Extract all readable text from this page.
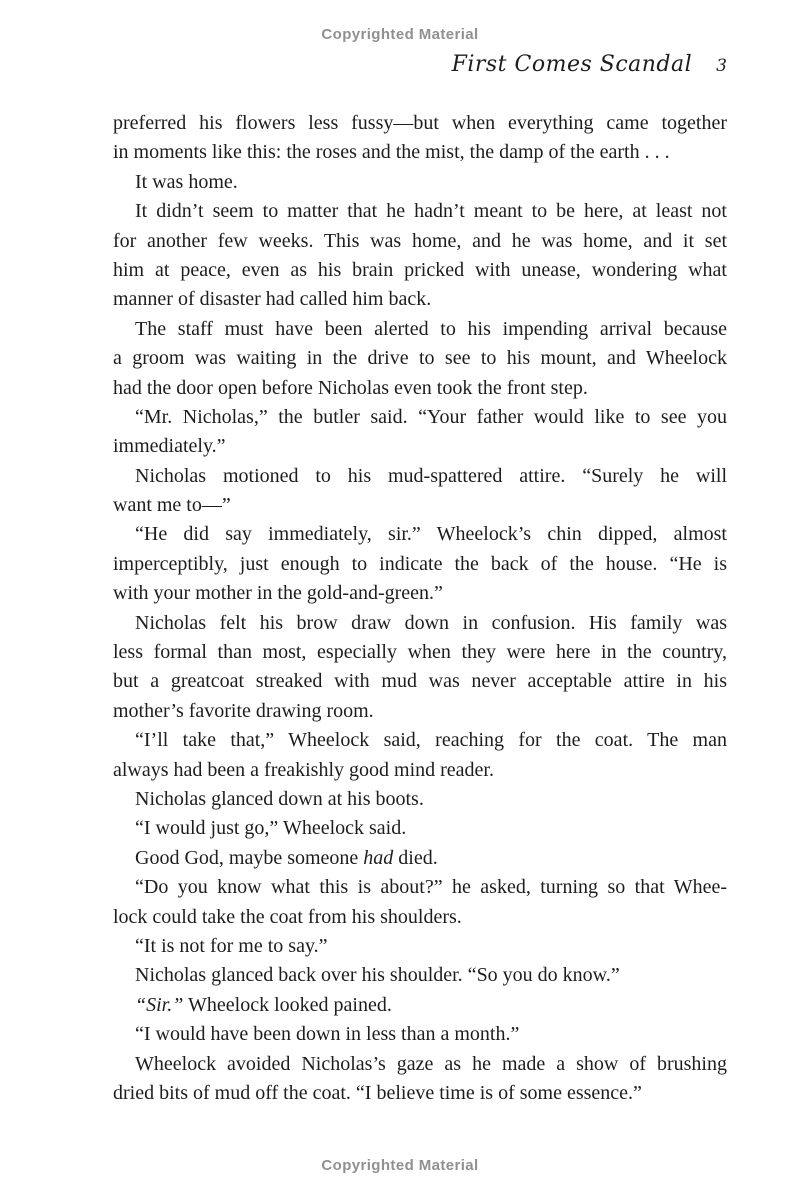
Copyrighted Material
First Comes Scandal 3
preferred his flowers less fussy—but when everything came together
in moments like this: the roses and the mist, the damp of the earth . . .
It was home.
It didn’t seem to matter that he hadn’t meant to be here, at least not
for another few weeks. This was home, and he was home, and it set
him at peace, even as his brain pricked with unease, wondering what
manner of disaster had called him back.
The staff must have been alerted to his impending arrival because
a groom was waiting in the drive to see to his mount, and Wheelock
had the door open before Nicholas even took the front step.
“Mr. Nicholas,” the butler said. “Your father would like to see you
immediately.”
Nicholas motioned to his mud-spattered attire. “Surely he will
want me to—”
“He did say immediately, sir.” Wheelock’s chin dipped, almost
imperceptibly, just enough to indicate the back of the house. “He is
with your mother in the gold-and-green.”
Nicholas felt his brow draw down in confusion. His family was
less formal than most, especially when they were here in the country,
but a greatcoat streaked with mud was never acceptable attire in his
mother’s favorite drawing room.
“I’ll take that,” Wheelock said, reaching for the coat. The man
always had been a freakishly good mind reader.
Nicholas glanced down at his boots.
“I would just go,” Wheelock said.
Good God, maybe someone had died.
“Do you know what this is about?” he asked, turning so that Whee-
lock could take the coat from his shoulders.
“It is not for me to say.”
Nicholas glanced back over his shoulder. “So you do know.”
“Sir.” Wheelock looked pained.
“I would have been down in less than a month.”
Wheelock avoided Nicholas’s gaze as he made a show of brushing
dried bits of mud off the coat. “I believe time is of some essence.”
Copyrighted Material
